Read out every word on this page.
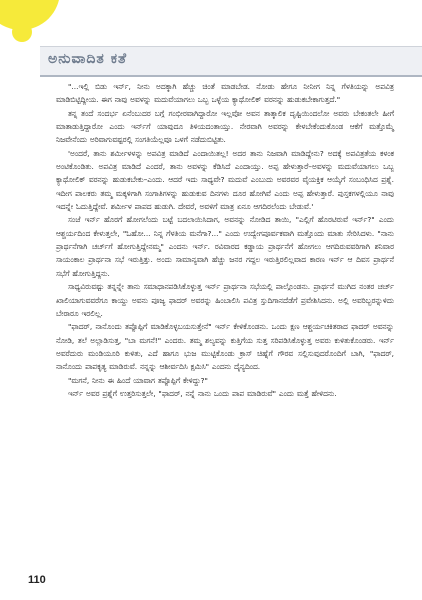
ಅನುವಾದಿತ ಕತೆ

"...ಇಲ್ಲಿ ಬಿಡು ಇರ್ನ್, ನೀನು ಅದಕ್ಕಾಗಿ ಹೆಚ್ಚು ಚಿಂತೆ ಮಾಡಬೇಡ. ನೋಡು ಹೇಗೂ ನೀನೀಗ ನಿನ್ನ ಗೆಳತಿಯನ್ನು ಅಪವಿತ್ರ ಮಾಡಿಬಿಟ್ಟಿದ್ದೀಯ. ಈಗ ನಾವು ಅವಳನ್ನು ಮದುವೆಯಾಗಲು ಒಬ್ಬ ಒಳ್ಳೆಯ ಕ್ಯಾಥೋಲಿಕ್ ವರನನ್ನು ಹುಡುಕಬೇಕಾಗುತ್ತದೆ."

ತನ್ನ ತಂದೆ ಸಂದರ್ಭ ಏನೆಂಬುದರ ಬಗ್ಗೆ ಗಂಭೀರವಾಗಿದ್ದಾರೋ ಇಲ್ಲವೋ ಅವನ ತಾತ್ಕಾಲಿಕ ದೃಷ್ಟಿಯಿಂದಲೋ ಅವರು ಬೇಕಂತಲೇ ಹೀಗೆ ಮಾತಾಡುತ್ತಿದ್ದಾರೋ ಎಂದು ಇರ್ನ್‌ಗೆ ಯಾವುದೂ ತಿಳಿಯದಂತಾಯ್ತು. ನೇರವಾಗಿ ಅವರನ್ನು ಕೇಳಬೇಕೆಂದುಕೊಂಡ ಆಕೆಗೆ ಮತ್ತೊಮ್ಮೆ ನಿಜವೇನೆಂದು ಅರಿವಾಗುವಷ್ಟರಲ್ಲಿ ಸಂಗತಿಯೆಲ್ಲವೂ ಒಳಗೆ ನಡೆದುಬಿಟ್ಟಿತು.

'ಅಂದರೆ, ತಾನು ಶರ್ಮೀಳಳನ್ನು ಅಪವಿತ್ರ ಮಾಡಿದೆ ಎಂದಾಯಿತಲ್ಲ! ಅದರ ತಾನು ನಿಜವಾಗಿ ಮಾಡಿದ್ದೇನು? ಅದಕ್ಕೆ ಅಪವಿತ್ರತೆಯ ಕಳಂಕ ಅಂಟಿಕೊಂಡಿತು. ಅಪವಿತ್ರ ಮಾಡಿದೆ ಎಂದರೆ, ತಾನು ಅವಳನ್ನು ಕೆಡಿಸಿದೆ ಎಂದಾಯ್ತು. ಅಪ್ಪ ಹೇಳುತ್ತಾರೆ–ಅವಳನ್ನು ಮದುವೆಯಾಗಲು ಒಬ್ಬ ಕ್ಯಾಥೋಲಿಕ್ ವರನನ್ನು ಹುಡುಕಬೇಕು–ಎಂದು. ಆದರೆ ಇದು ಸಾಧ್ಯವೇ? ಮದುವೆ ಎಂಬುದು ಅವರವರ ವೈಯಕ್ತಿಕ ಆಯ್ಕೆಗೆ ಸಂಬಂಧಿಸಿದ ಪ್ರಶ್ನೆ. ಇದೀಗ ಪಾಲಕರು ತಮ್ಮ ಮಕ್ಕಳಿಗಾಗಿ ಸಂಗಾತಿಗಳನ್ನು ಹುಡುಕುವ ದಿನಗಳು ದೂರ ಹೋಗಿವೆ ಎಂದು ಅಪ್ಪ ಹೇಳುತ್ತಾರೆ. ಪುಸ್ತಕಗಳಲ್ಲಿಯೂ ನಾವು ಇದನ್ನೇ ಓದುತ್ತಿದ್ದೇವೆ. ಶರ್ಮೀಳ ಪಾಪದ ಹುಡುಗಿ. ದೇವರೆ, ಅವಳಿಗೆ ಮಾತ್ರ ಏನೂ ಆಗದಿರಲೆಂದು ಬೇಡುವೆ.'

ಸಂಜೆ ಇರ್ನ್ ಹೊರಗೆ ಹೋಗಲೆಂದು ಬಟ್ಟೆ ಬದಲಾಯಿಸಿದಾಗ, ಅವನನ್ನು ನೋಡಿದ ತಾಯಿ, "ಎಲ್ಲಿಗೆ ಹೊರಟಿರುವೆ ಇರ್ನ್?" ಎಂದು ಆಶ್ಚರ್ಯದಿಂದ ಕೇಳುತ್ತಲೇ, "ಓಹೋ... ನಿನ್ನ ಗೆಳತಿಯ ಮನೆಗಾ?..." ಎಂದು ಉದ್ವೇಗಪೂರ್ವಕವಾಗಿ ಮತ್ತೊಂದು ಮಾತು ಸೇರಿಸಿದಳು. "ನಾನು ಪ್ರಾರ್ಥನೆಗಾಗಿ ಚರ್ಚ್‌ಗೆ ಹೋಗುತ್ತಿದ್ದೇನಮ್ಮ" ಎಂದನು ಇರ್ನ್. ರವಿವಾರದ ಕಡ್ಡಾಯ ಪ್ರಾರ್ಥನೆಗೆ ಹೋಗಲು ಆಗದಿರುವವರಿಗಾಗಿ ಶನಿವಾರ ಸಾಯಂಕಾಲ ಪ್ರಾರ್ಥನಾ ಸಭೆ ಇರುತ್ತಿತ್ತು. ಅಂದು ಸಾಮಾನ್ಯವಾಗಿ ಹೆಚ್ಚು ಜನರ ಗದ್ದಲ ಇರುತ್ತಿರಲಿಲ್ಲವಾದ ಕಾರಣ ಇರ್ನ್ ಆ ದಿವಸ ಪ್ರಾರ್ಥನೆ ಸಭೆಗೆ ಹೋಗುತ್ತಿದ್ದನು.

ಸಾಧ್ಯವಿರುವಷ್ಟು ತನ್ನನ್ನೇ ತಾನು ಸಮಾಧಾನಪಡಿಸಿಕೊಳ್ಳುತ್ತ ಇರ್ನ್ ಪ್ರಾರ್ಥನಾ ಸಭೆಯಲ್ಲಿ ಪಾಲ್ಗೊಂಡನು. ಪ್ರಾರ್ಥನೆ ಮುಗಿದ ನಂತರ ಚರ್ಚ್ ಖಾಲಿಯಾಗುವವರೆಗೂ ಕಾಯ್ದು ಅವನು ಪೂಜ್ಯ ಫಾದರ್ ಅವರನ್ನು ಹಿಂಬಾಲಿಸಿ ಪವಿತ್ರ ಸ್ತುದಿಗಾನದೆಡೆಗೆ ಪ್ರವೇಶಿಸಿದನು. ಅಲ್ಲಿ ಅವರಿಬ್ಬರನ್ನುಳಿದು ಬೇರಾರೂ ಇರಲಿಲ್ಲ.

"ಫಾದರ್, ನಾನೊಂದು ತಪ್ಪೊಪ್ಪಿಗೆ ಮಾಡಿಕೊಳ್ಳಬಯಸುತ್ತೇನೆ" ಇರ್ನ್ ಕೇಳಿಕೊಂಡನು. ಒಂದು ಕ್ಷಣ ಆಶ್ಚರ್ಯಚಕಿತರಾದ ಫಾದರ್ ಅವನನ್ನು ನೋಡಿ, ತಲೆ ಅಲ್ಲಾಡಿಸುತ್ತ, "ಬಾ ಮಗನೆ!" ಎಂದರು. ತಮ್ಮ ಶಲ್ಯವನ್ನು ಕುತ್ತಿಗೆಯ ಸುತ್ತ ಸರಿಪಡಿಸಿಕೊಳ್ಳುತ್ತ ಅವರು ಕುಳಿತುಕೊಂಡರು. ಇರ್ನ್ ಅವರೆದುರು ಮಂಡಿಯೂರಿ ಕುಳಿತು, ಎದೆ ಹಾಗೂ ಭುಜ ಮುಟ್ಟಿಕೊಂಡು ಕ್ರಾಸ್ ಚಿಹ್ನೆಗೆ ಗೌರವ ಸಲ್ಲಿಸುವುದರೊಂದಿಗೆ ಬಾಗಿ, "ಫಾದರ್, ನಾನೊಂದು ಪಾಪಕೃತ್ಯ ಮಾಡಿರುವೆ. ನನ್ನನ್ನು ಆಶೀರ್ವದಿಸಿ ಕ್ಷಮಿಸಿ" ಎಂದನು ದೈನ್ಯದಿಂದ.

"ಮಗನೆ, ನೀನು ಈ ಹಿಂದೆ ಯಾವಾಗ ತಪ್ಪೊಪ್ಪಿಗೆ ಕೇಳಿದ್ದು?"

ಇರ್ನ್ ಅವರ ಪ್ರಶ್ನೆಗೆ ಉತ್ತರಿಸುತ್ತಲೇ, "ಫಾದರ್, ನನ್ನೆ ನಾನು ಒಂದು ಪಾಪ ಮಾಡಿರುವೆ" ಎಂದು ಮತ್ತೆ ಹೇಳಿದನು.

110
